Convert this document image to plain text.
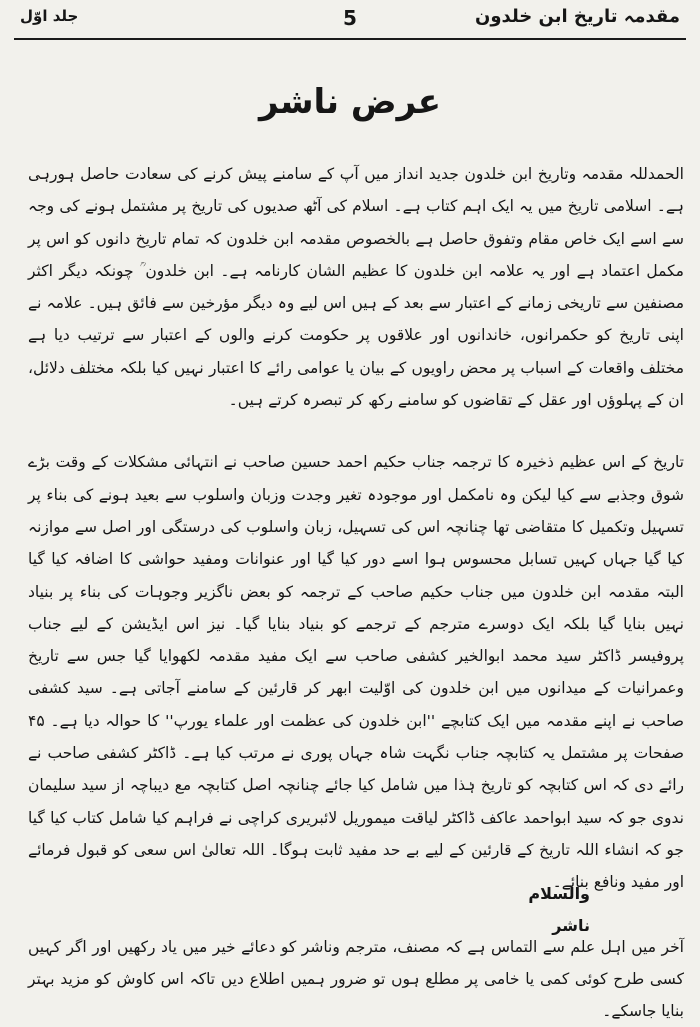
مقدمہ تاریخ ابن خلدون
5
جلد اوّل
عرض ناشر

الحمدللہ مقدمہ وتاریخ ابن خلدون جدید انداز میں آپ کے سامنے پیش کرنے کی سعادت حاصل ہورہی ہے۔ اسلامی تاریخ میں یہ ایک اہم کتاب ہے۔ اسلام کی آٹھ صدیوں کی تاریخ پر مشتمل ہونے کی وجہ سے اسے ایک خاص مقام وتفوق حاصل ہے بالخصوص مقدمہ ابن خلدون کہ تمام تاریخ دانوں کو اس پر مکمل اعتماد ہے اور یہ علامہ ابن خلدون کا عظیم الشان کارنامہ ہے۔ ابن خلدون ؒ چونکہ دیگر اکثر مصنفین سے تاریخی زمانے کے اعتبار سے بعد کے ہیں اس لیے وہ دیگر مؤرخین سے فائق ہیں۔ علامہ نے اپنی تاریخ کو حکمرانوں، خاندانوں اور علاقوں پر حکومت کرنے والوں کے اعتبار سے ترتیب دیا ہے مختلف واقعات کے اسباب پر محض راویوں کے بیان یا عوامی رائے کا اعتبار نہیں کیا بلکہ مختلف دلائل، ان کے پہلوؤں اور عقل کے تقاضوں کو سامنے رکھ کر تبصرہ کرتے ہیں۔

تاریخ کے اس عظیم ذخیرہ کا ترجمہ جناب حکیم احمد حسین صاحب نے انتہائی مشکلات کے وقت بڑے شوق وجذبے سے کیا لیکن وہ نامکمل اور موجودہ تغیر وجدت وزبان واسلوب سے بعید ہونے کی بناء پر تسہیل وتکمیل کا متقاضی تھا چنانچہ اس کی تسہیل، زبان واسلوب کی درستگی اور اصل سے موازنہ کیا گیا جہاں کہیں تسابل محسوس ہوا اسے دور کیا گیا اور عنوانات ومفید حواشی کا اضافہ کیا گیا البتہ مقدمہ ابن خلدون میں جناب حکیم صاحب کے ترجمہ کو بعض ناگزیر وجوہات کی بناء پر بنیاد نہیں بنایا گیا بلکہ ایک دوسرے مترجم کے ترجمے کو بنیاد بنایا گیا۔ نیز اس ایڈیشن کے لیے جناب پروفیسر ڈاکٹر سید محمد ابوالخیر کشفی صاحب سے ایک مفید مقدمہ لکھوایا گیا جس سے تاریخ وعمرانیات کے میدانوں میں ابن خلدون کی اوّلیت ابھر کر قارئین کے سامنے آجاتی ہے۔ سید کشفی صاحب نے اپنے مقدمہ میں ایک کتابچے ''ابن خلدون کی عظمت اور علماء یورپ'' کا حوالہ دیا ہے۔ ۴۵ صفحات پر مشتمل یہ کتابچہ جناب نگہت شاہ جہاں پوری نے مرتب کیا ہے۔ ڈاکٹر کشفی صاحب نے رائے دی کہ اس کتابچہ کو تاریخ ہٰذا میں شامل کیا جائے چنانچہ اصل کتابچہ مع دیباچہ از سید سلیمان ندوی جو کہ سید ابواحمد عاکف ڈاکٹر لیاقت میموریل لائبریری کراچی نے فراہم کیا شامل کتاب کیا گیا جو کہ انشاء اللہ تاریخ کے قارئین کے لیے بے حد مفید ثابت ہوگا۔ اللہ تعالیٰ اس سعی کو قبول فرمائے اور مفید ونافع بنائے۔

آخر میں اہل علم سے التماس ہے کہ مصنف، مترجم وناشر کو دعائے خیر میں یاد رکھیں اور اگر کہیں کسی طرح کوئی کمی یا خامی پر مطلع ہوں تو ضرور ہمیں اطلاع دیں تاکہ اس کاوش کو مزید بہتر بنایا جاسکے۔

والسلام
ناشر
